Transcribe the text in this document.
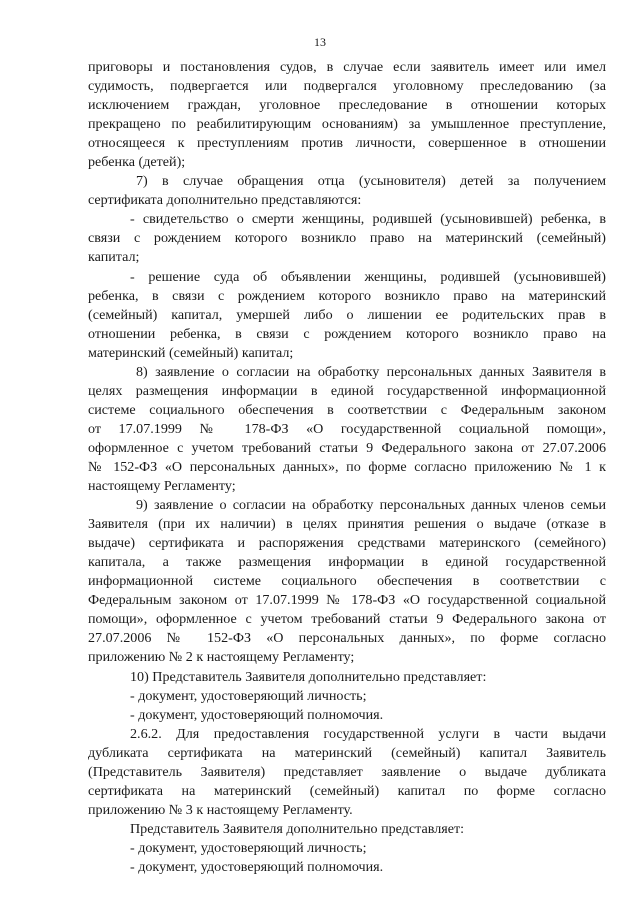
13
приговоры и постановления судов, в случае если заявитель имеет или имел
судимость, подвергается или подвергался уголовному преследованию (за
исключением граждан, уголовное преследование в отношении которых
прекращено по реабилитирующим основаниям) за умышленное преступление,
относящееся к преступлениям против личности, совершенное в отношении
ребенка (детей);
7) в случае обращения отца (усыновителя) детей за получением
сертификата дополнительно представляются:
- свидетельство о смерти женщины, родившей (усыновившей) ребенка, в
связи с рождением которого возникло право на материнский (семейный)
капитал;
- решение суда об объявлении женщины, родившей (усыновившей)
ребенка, в связи с рождением которого возникло право на материнский
(семейный) капитал, умершей либо о лишении ее родительских прав в
отношении ребенка, в связи с рождением которого возникло право на
материнский (семейный) капитал;
8) заявление о согласии на обработку персональных данных Заявителя в
целях размещения информации в единой государственной информационной
системе социального обеспечения в соответствии с Федеральным законом
от 17.07.1999 № 178-ФЗ «О государственной социальной помощи»,
оформленное с учетом требований статьи 9 Федерального закона от 27.07.2006
№ 152-ФЗ «О персональных данных», по форме согласно приложению № 1 к
настоящему Регламенту;
9) заявление о согласии на обработку персональных данных членов семьи
Заявителя (при их наличии) в целях принятия решения о выдаче (отказе в
выдаче) сертификата и распоряжения средствами материнского (семейного)
капитала, а также размещения информации в единой государственной
информационной системе социального обеспечения в соответствии с
Федеральным законом от 17.07.1999 № 178-ФЗ «О государственной социальной
помощи», оформленное с учетом требований статьи 9 Федерального закона от
27.07.2006 № 152-ФЗ «О персональных данных», по форме согласно
приложению № 2 к настоящему Регламенту;
10) Представитель Заявителя дополнительно представляет:
- документ, удостоверяющий личность;
- документ, удостоверяющий полномочия.
2.6.2. Для предоставления государственной услуги в части выдачи
дубликата сертификата на материнский (семейный) капитал Заявитель
(Представитель Заявителя) представляет заявление о выдаче дубликата
сертификата на материнский (семейный) капитал по форме согласно
приложению № 3 к настоящему Регламенту.
Представитель Заявителя дополнительно представляет:
- документ, удостоверяющий личность;
- документ, удостоверяющий полномочия.
